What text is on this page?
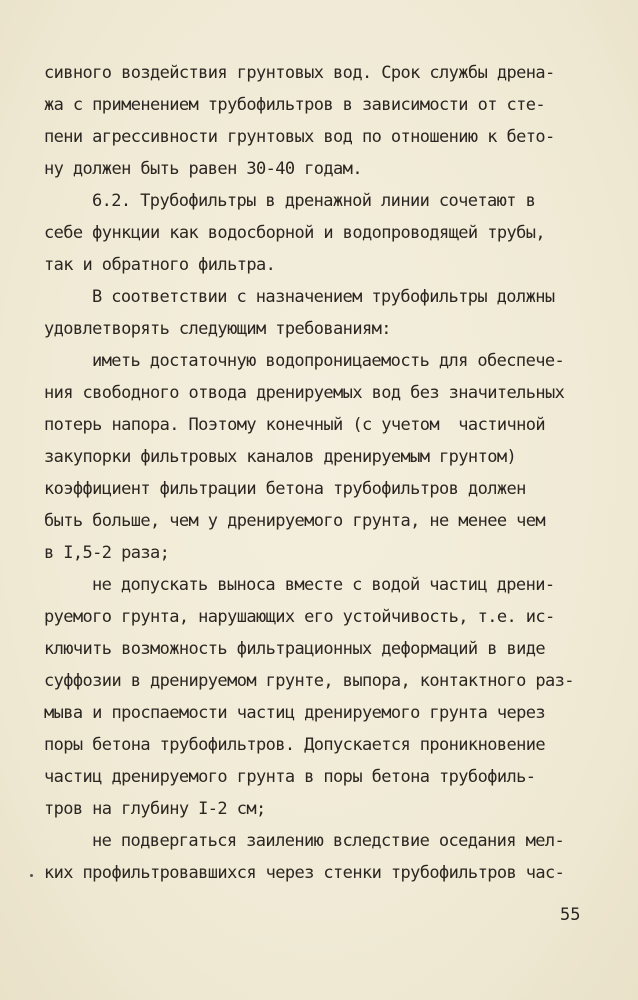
сивного воздействия грунтовых вод. Срок службы дрена-
жа с применением трубофильтров в зависимости от сте-
пени агрессивности грунтовых вод по отношению к бето-
ну должен быть равен 30-40 годам.
6.2. Трубофильтры в дренажной линии сочетают в
себе функции как водосборной и водопроводящей трубы,
так и обратного фильтра.
В соответствии с назначением трубофильтры должны
удовлетворять следующим требованиям:
иметь достаточную водопроницаемость для обеспече-
ния свободного отвода дренируемых вод без значительных
потерь напора. Поэтому конечный (с учетом  частичной
закупорки фильтровых каналов дренируемым грунтом)
коэффициент фильтрации бетона трубофильтров должен
быть больше, чем у дренируемого грунта, не менее чем
в I,5-2 раза;
не допускать выноса вместе с водой частиц дрени-
руемого грунта, нарушающих его устойчивость, т.е. ис-
ключить возможность фильтрационных деформаций в виде
суффозии в дренируемом грунте, выпора, контактного раз-
мыва и проспаемости частиц дренируемого грунта через
поры бетона трубофильтров. Допускается проникновение
частиц дренируемого грунта в поры бетона трубофиль-
тров на глубину I-2 см;
не подвергаться заилению вследствие оседания мел-
ких профильтровавшихся через стенки трубофильтров час-
55
